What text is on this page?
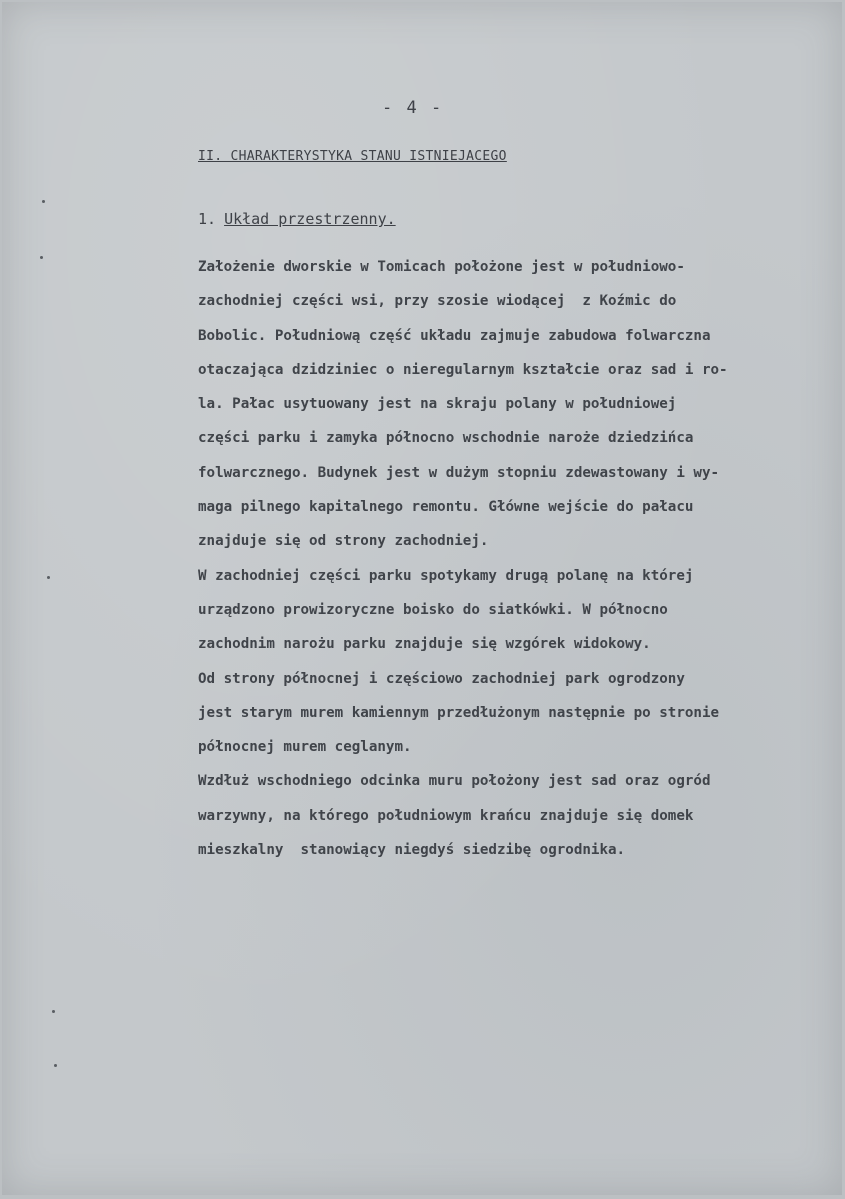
- 4 -
II. CHARAKTERYSTYKA STANU ISTNIEJACEGO
1. Układ przestrzenny.
Założenie dworskie w Tomicach położone jest w południowo-
zachodniej części wsi, przy szosie wiodącej  z Koźmic do
Bobolic. Południową część układu zajmuje zabudowa folwarczna
otaczająca dzidziniec o nieregularnym kształcie oraz sad i ro-
la. Pałac usytuowany jest na skraju polany w południowej
części parku i zamyka północno wschodnie naroże dziedzińca
folwarcznego. Budynek jest w dużym stopniu zdewastowany i wy-
maga pilnego kapitalnego remontu. Główne wejście do pałacu
znajduje się od strony zachodniej.
W zachodniej części parku spotykamy drugą polanę na której
urządzono prowizoryczne boisko do siatkówki. W północno
zachodnim narożu parku znajduje się wzgórek widokowy.
Od strony północnej i częściowo zachodniej park ogrodzony
jest starym murem kamiennym przedłużonym następnie po stronie
północnej murem ceglanym.
Wzdłuż wschodniego odcinka muru położony jest sad oraz ogród
warzywny, na którego południowym krańcu znajduje się domek
mieszkalny  stanowiący niegdyś siedzibę ogrodnika.
